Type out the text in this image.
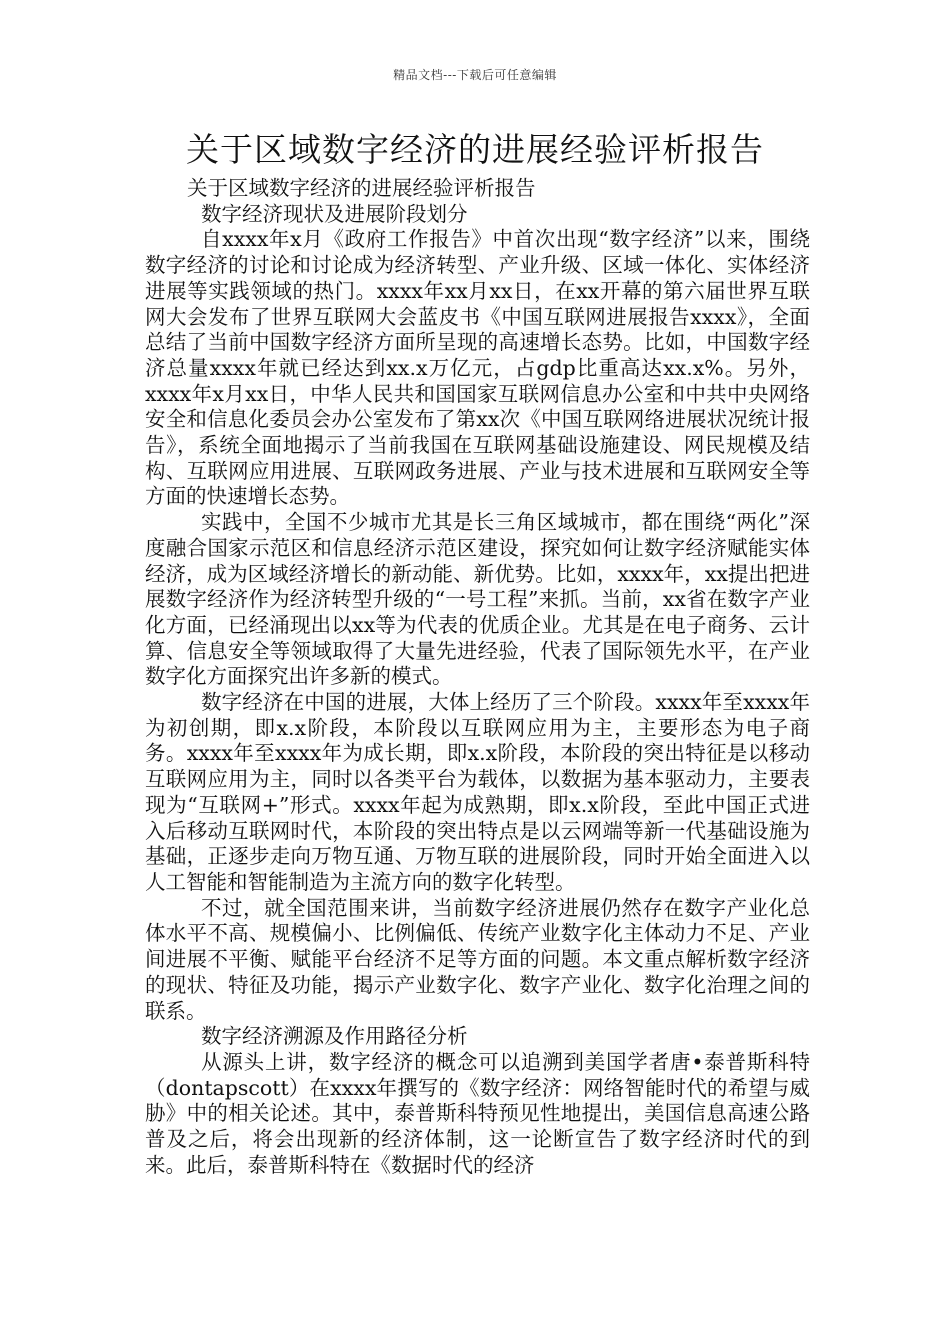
精品文档---下载后可任意编辑
关于区域数字经济的进展经验评析报告

关于区域数字经济的进展经验评析报告

数字经济现状及进展阶段划分

自xxxx年x月《政府工作报告》中首次出现“数字经济”以来，围绕数字经济的讨论和讨论成为经济转型、产业升级、区域一体化、实体经济进展等实践领域的热门。xxxx年xx月xx日，在xx开幕的第六届世界互联网大会发布了世界互联网大会蓝皮书《中国互联网进展报告xxxx》，全面总结了当前中国数字经济方面所呈现的高速增长态势。比如，中国数字经济总量xxxx年就已经达到xx.x万亿元，占gdp比重高达xx.x%。另外，xxxx年x月xx日，中华人民共和国国家互联网信息办公室和中共中央网络安全和信息化委员会办公室发布了第xx次《中国互联网络进展状况统计报告》，系统全面地揭示了当前我国在互联网基础设施建设、网民规模及结构、互联网应用进展、互联网政务进展、产业与技术进展和互联网安全等方面的快速增长态势。

实践中，全国不少城市尤其是长三角区域城市，都在围绕“两化”深度融合国家示范区和信息经济示范区建设，探究如何让数字经济赋能实体经济，成为区域经济增长的新动能、新优势。比如，xxxx年，xx提出把进展数字经济作为经济转型升级的“一号工程”来抓。当前，xx省在数字产业化方面，已经涌现出以xx等为代表的优质企业。尤其是在电子商务、云计算、信息安全等领域取得了大量先进经验，代表了国际领先水平，在产业数字化方面探究出许多新的模式。

数字经济在中国的进展，大体上经历了三个阶段。xxxx年至xxxx年为初创期，即x.x阶段，本阶段以互联网应用为主，主要形态为电子商务。xxxx年至xxxx年为成长期，即x.x阶段，本阶段的突出特征是以移动互联网应用为主，同时以各类平台为载体，以数据为基本驱动力，主要表现为“互联网+”形式。xxxx年起为成熟期，即x.x阶段，至此中国正式进入后移动互联网时代，本阶段的突出特点是以云网端等新一代基础设施为基础，正逐步走向万物互通、万物互联的进展阶段，同时开始全面进入以人工智能和智能制造为主流方向的数字化转型。

不过，就全国范围来讲，当前数字经济进展仍然存在数字产业化总体水平不高、规模偏小、比例偏低、传统产业数字化主体动力不足、产业间进展不平衡、赋能平台经济不足等方面的问题。本文重点解析数字经济的现状、特征及功能，揭示产业数字化、数字产业化、数字化治理之间的联系。

数字经济溯源及作用路径分析

从源头上讲，数字经济的概念可以追溯到美国学者唐•泰普斯科特（dontapscott）在xxxx年撰写的《数字经济：网络智能时代的希望与威胁》中的相关论述。其中，泰普斯科特预见性地提出，美国信息高速公路普及之后，将会出现新的经济体制，这一论断宣告了数字经济时代的到来。此后，泰普斯科特在《数据时代的经济
